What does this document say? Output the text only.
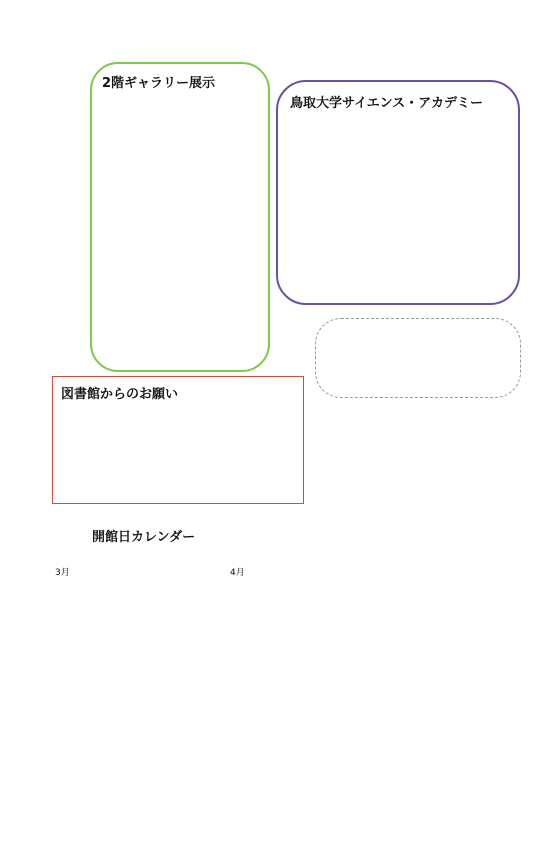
2階ギャラリー展示
鳥取大学サイエンス・アカデミー
図書館からのお願い
開館日カレンダー
3月	4月
